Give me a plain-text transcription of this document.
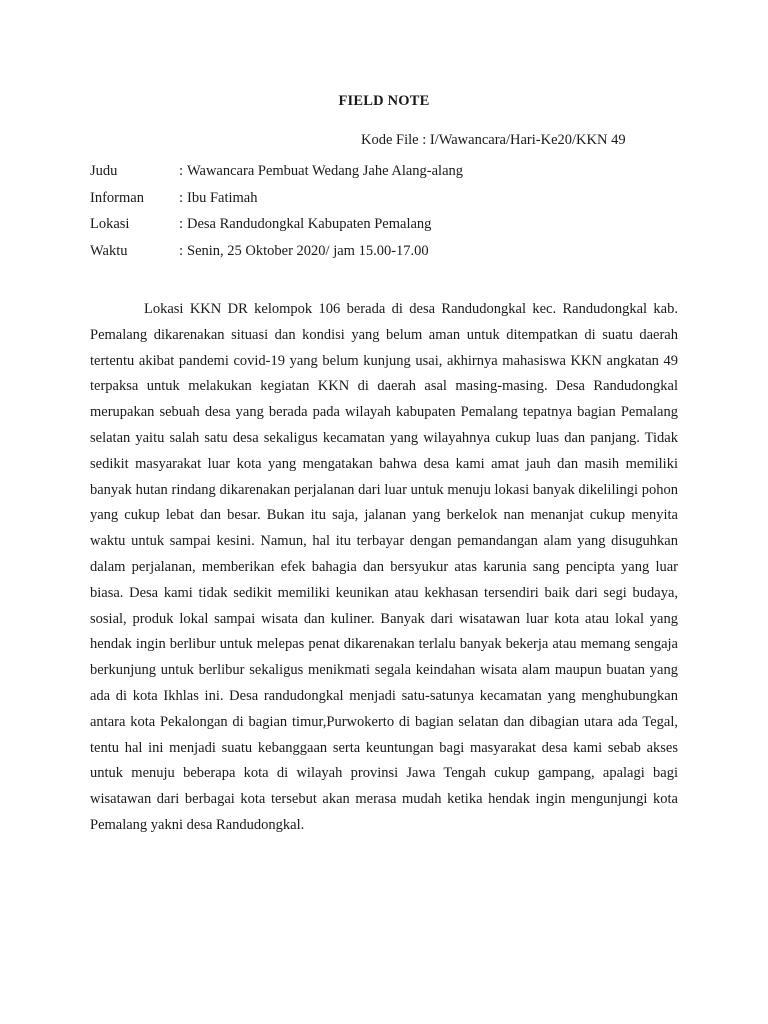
FIELD NOTE
Kode File : I/Wawancara/Hari-Ke20/KKN 49
Judu	: Wawancara Pembuat Wedang Jahe Alang-alang
Informan : Ibu Fatimah
Lokasi	: Desa Randudongkal Kabupaten Pemalang
Waktu	: Senin, 25 Oktober 2020/ jam 15.00-17.00

Lokasi KKN DR kelompok 106 berada di desa Randudongkal kec. Randudongkal kab. Pemalang dikarenakan situasi dan kondisi yang belum aman untuk ditempatkan di suatu daerah tertentu akibat pandemi covid-19 yang belum kunjung usai, akhirnya mahasiswa KKN angkatan 49 terpaksa untuk melakukan kegiatan KKN di daerah asal masing-masing. Desa Randudongkal merupakan sebuah desa yang berada pada wilayah kabupaten Pemalang tepatnya bagian Pemalang selatan yaitu salah satu desa sekaligus kecamatan yang wilayahnya cukup luas dan panjang. Tidak sedikit masyarakat luar kota yang mengatakan bahwa desa kami amat jauh dan masih memiliki banyak hutan rindang dikarenakan perjalanan dari luar untuk menuju lokasi banyak dikelilingi pohon yang cukup lebat dan besar. Bukan itu saja, jalanan yang berkelok nan menanjat cukup menyita waktu untuk sampai kesini. Namun, hal itu terbayar dengan pemandangan alam yang disuguhkan dalam perjalanan, memberikan efek bahagia dan bersyukur atas karunia sang pencipta yang luar biasa. Desa kami tidak sedikit memiliki keunikan atau kekhasan tersendiri baik dari segi budaya, sosial, produk lokal sampai wisata dan kuliner. Banyak dari wisatawan luar kota atau lokal yang hendak ingin berlibur untuk melepas penat dikarenakan terlalu banyak bekerja atau memang sengaja berkunjung untuk berlibur sekaligus menikmati segala keindahan wisata alam maupun buatan yang ada di kota Ikhlas ini. Desa randudongkal menjadi satu-satunya kecamatan yang menghubungkan antara kota Pekalongan di bagian timur,Purwokerto di bagian selatan dan dibagian utara ada Tegal, tentu hal ini menjadi suatu kebanggaan serta keuntungan bagi masyarakat desa kami sebab akses untuk menuju beberapa kota di wilayah provinsi Jawa Tengah cukup gampang, apalagi bagi wisatawan dari berbagai kota tersebut akan merasa mudah ketika hendak ingin mengunjungi kota Pemalang yakni desa Randudongkal.
